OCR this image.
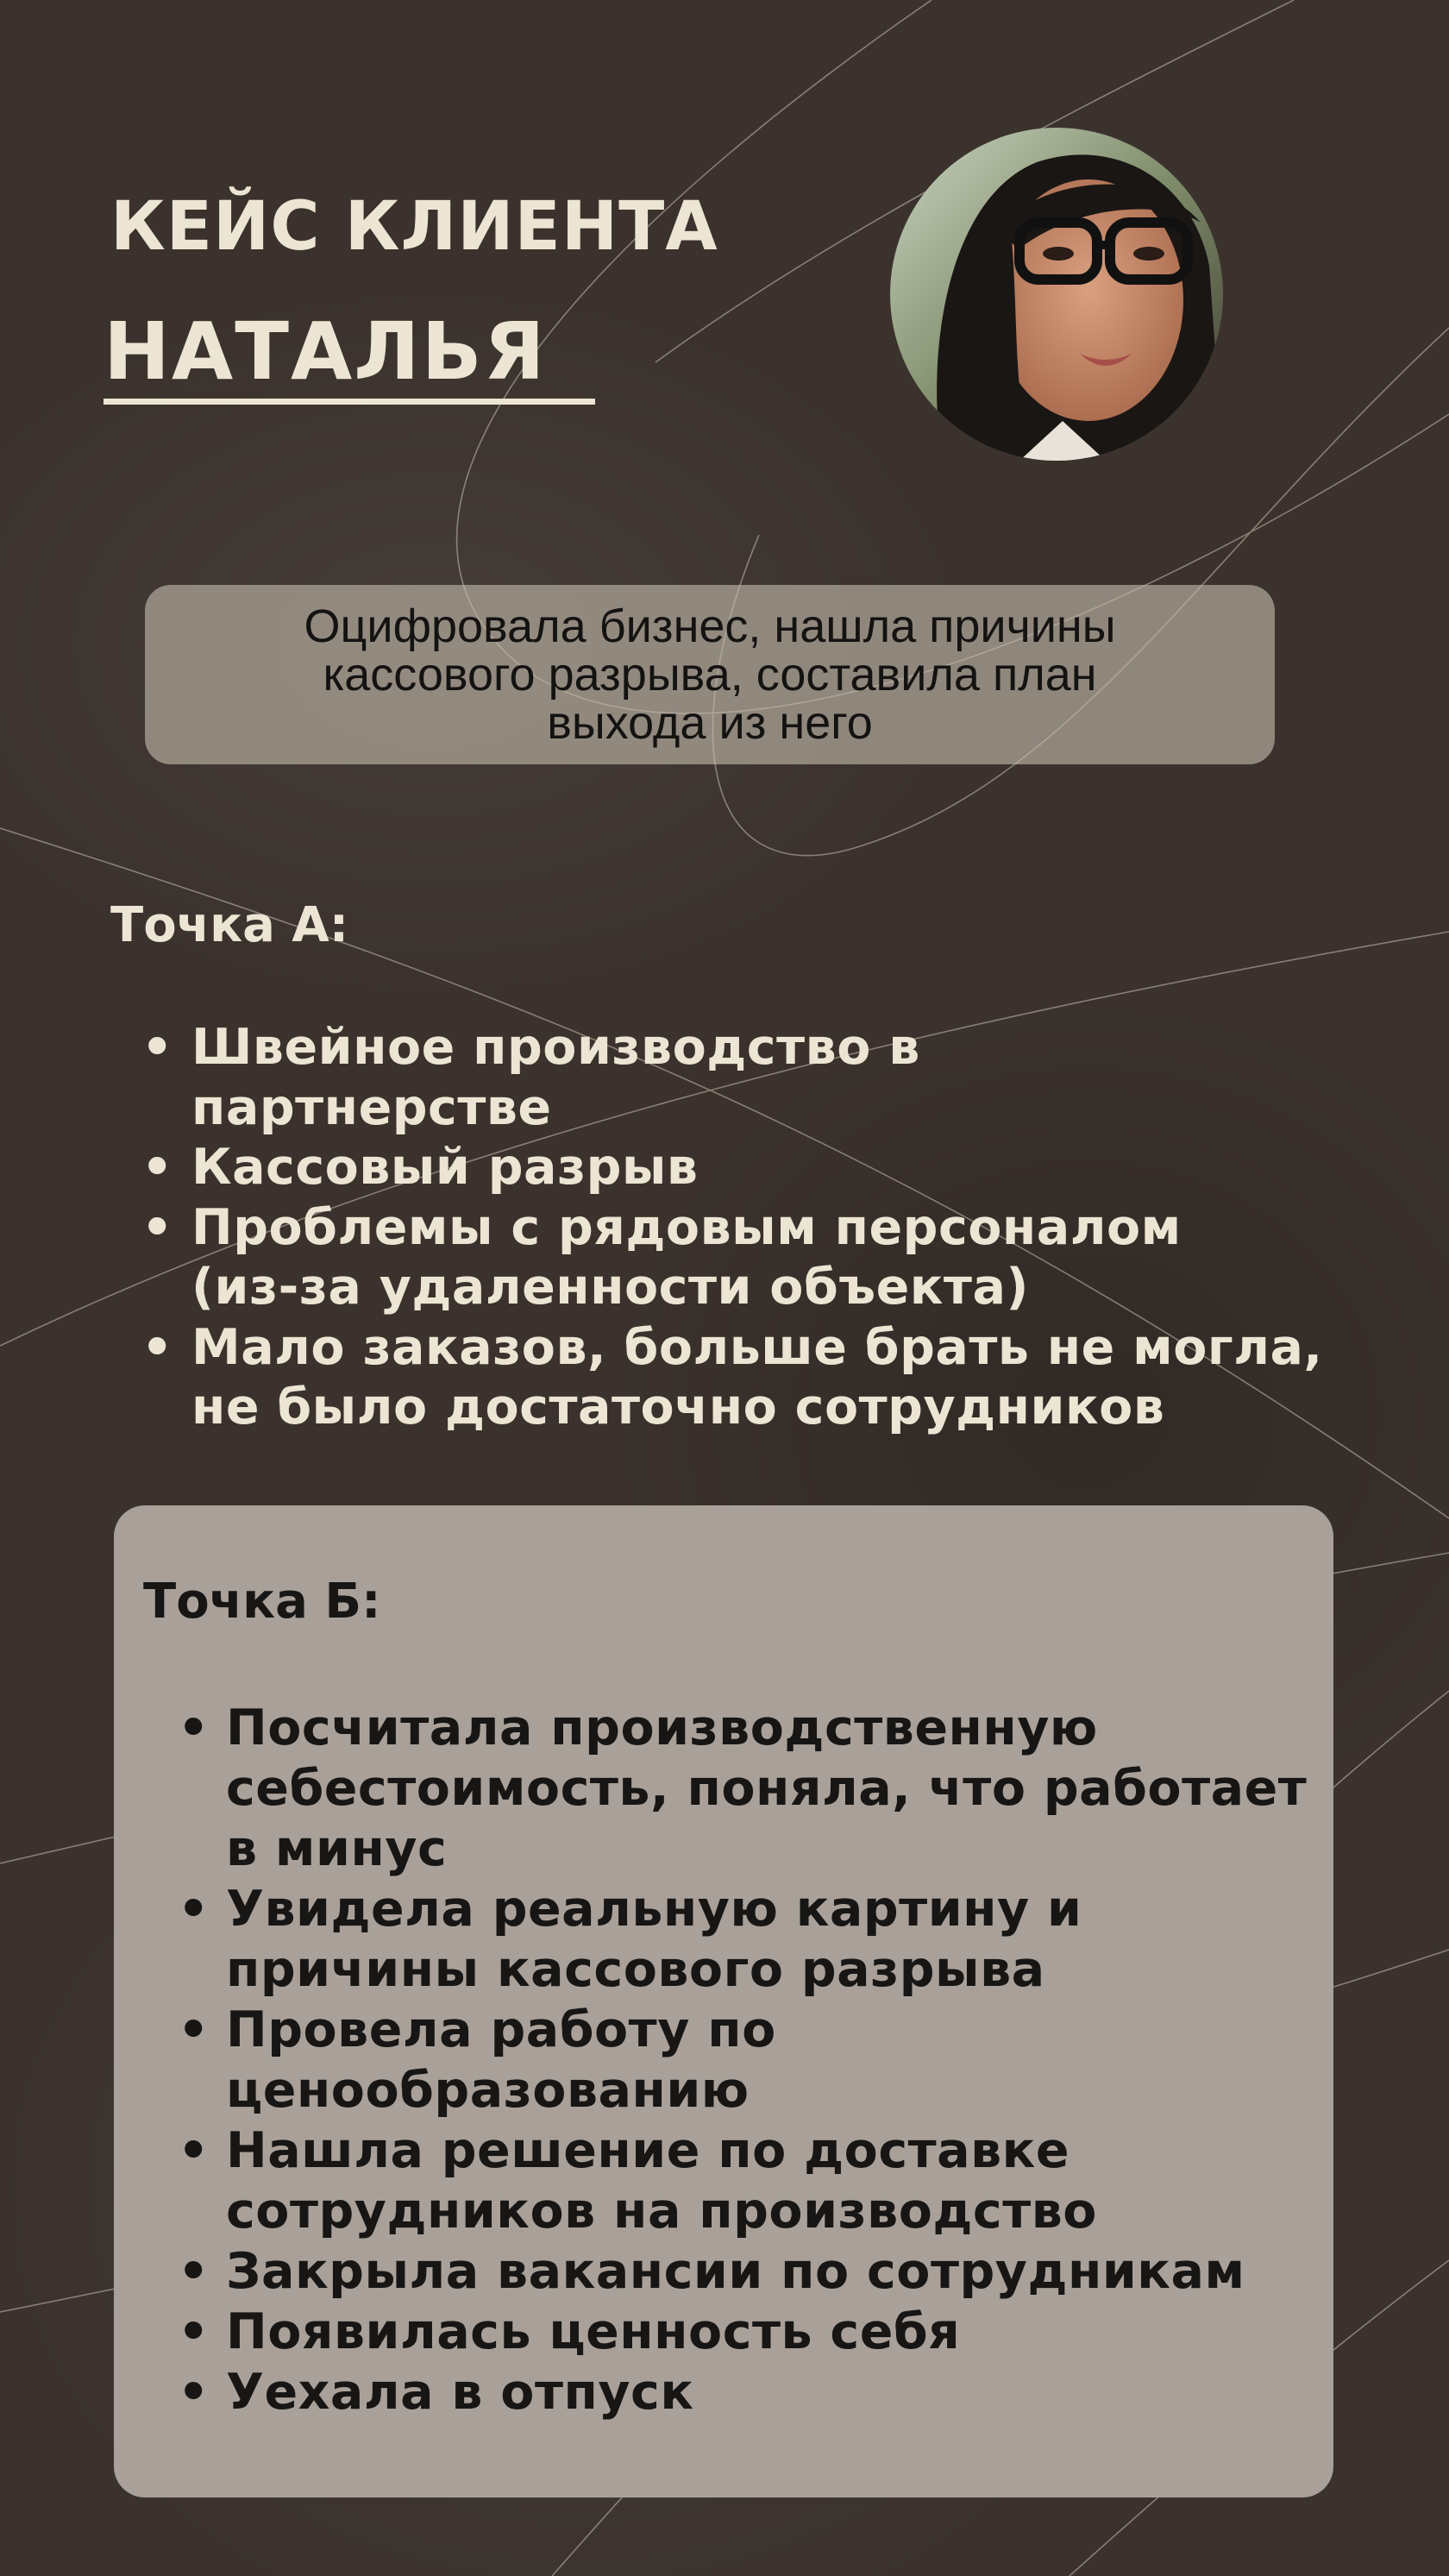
КЕЙС КЛИЕНТА
НАТАЛЬЯ

Оцифровала бизнес, нашла причины
кассового разрыва, составила план
выхода из него

Точка А:
• Швейное производство в
партнерстве
• Кассовый разрыв
• Проблемы с рядовым персоналом
(из-за удаленности объекта)
• Мало заказов, больше брать не могла,
не было достаточно сотрудников
Точка Б:
• Посчитала производственную
себестоимость, поняла, что работает
в минус
• Увидела реальную картину и
причины кассового разрыва
• Провела работу по
ценообразованию
• Нашла решение по доставке
сотрудников на производство
• Закрыла вакансии по сотрудникам
• Появилась ценность себя
• Уехала в отпуск
